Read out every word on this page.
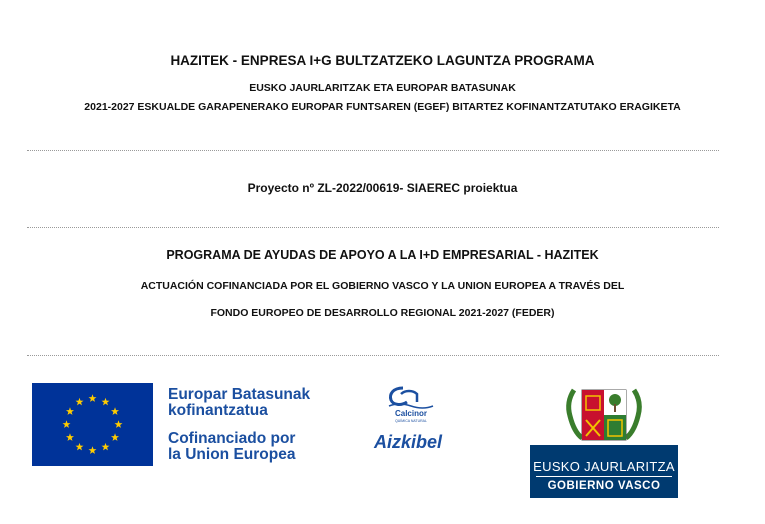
HAZITEK - ENPRESA I+G BULTZATZEKO LAGUNTZA PROGRAMA
EUSKO JAURLARITZAK ETA EUROPAR BATASUNAK
2021-2027 ESKUALDE GARAPENERAKO EUROPAR FUNTSAREN (EGEF) BITARTEZ KOFINANTZATUTAKO ERAGIKETA
Proyecto nº ZL-2022/00619- SIAEREC proiektua
PROGRAMA DE AYUDAS DE APOYO A LA I+D EMPRESARIAL - HAZITEK
ACTUACIÓN COFINANCIADA POR EL GOBIERNO VASCO Y LA UNION EUROPEA A TRAVÉS DEL
FONDO EUROPEO DE DESARROLLO REGIONAL 2021-2027 (FEDER)
Europar Batasunak
kofinantzatua
Cofinanciado por
la Union Europea
Calcinor
QUÍMICA NATURAL
Aizkibel
EUSKO JAURLARITZA
GOBIERNO VASCO
